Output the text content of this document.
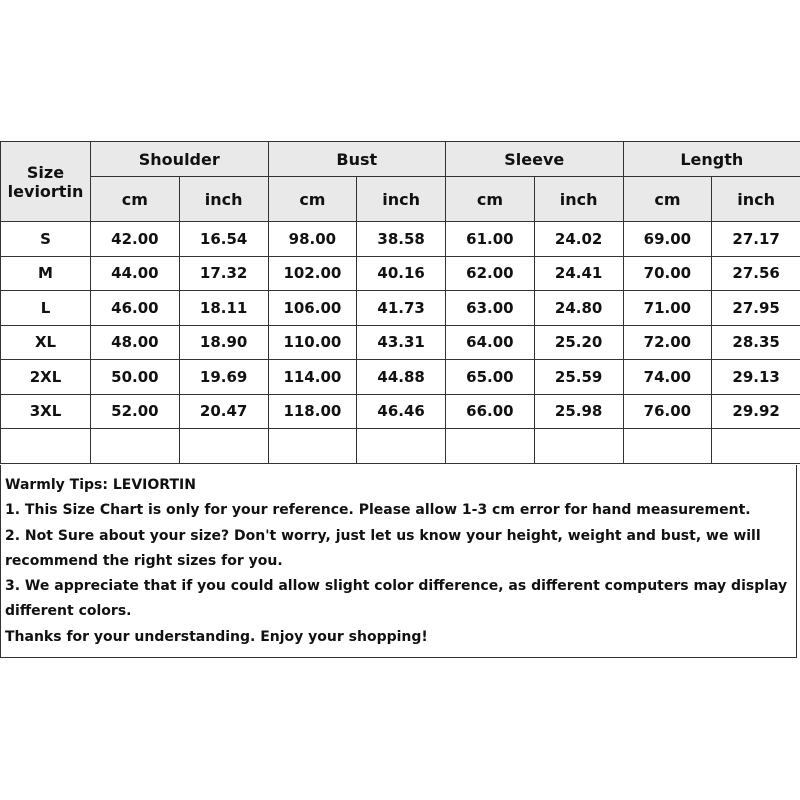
Size
leviortin	Shoulder		Bust		Sleeve		Length	
	cm	inch	cm	inch	cm	inch	cm	inch
S	42.00	16.54	98.00	38.58	61.00	24.02	69.00	27.17
M	44.00	17.32	102.00	40.16	62.00	24.41	70.00	27.56
L	46.00	18.11	106.00	41.73	63.00	24.80	71.00	27.95
XL	48.00	18.90	110.00	43.31	64.00	25.20	72.00	28.35
2XL	50.00	19.69	114.00	44.88	65.00	25.59	74.00	29.13
3XL	52.00	20.47	118.00	46.46	66.00	25.98	76.00	29.92

Warmly Tips: LEVIORTIN
1. This Size Chart is only for your reference. Please allow 1-3 cm error for hand measurement.
2. Not Sure about your size? Don't worry, just let us know your height, weight and bust, we will
recommend the right sizes for you.
3. We appreciate that if you could allow slight color difference, as different computers may display
different colors.
Thanks for your understanding. Enjoy your shopping!
